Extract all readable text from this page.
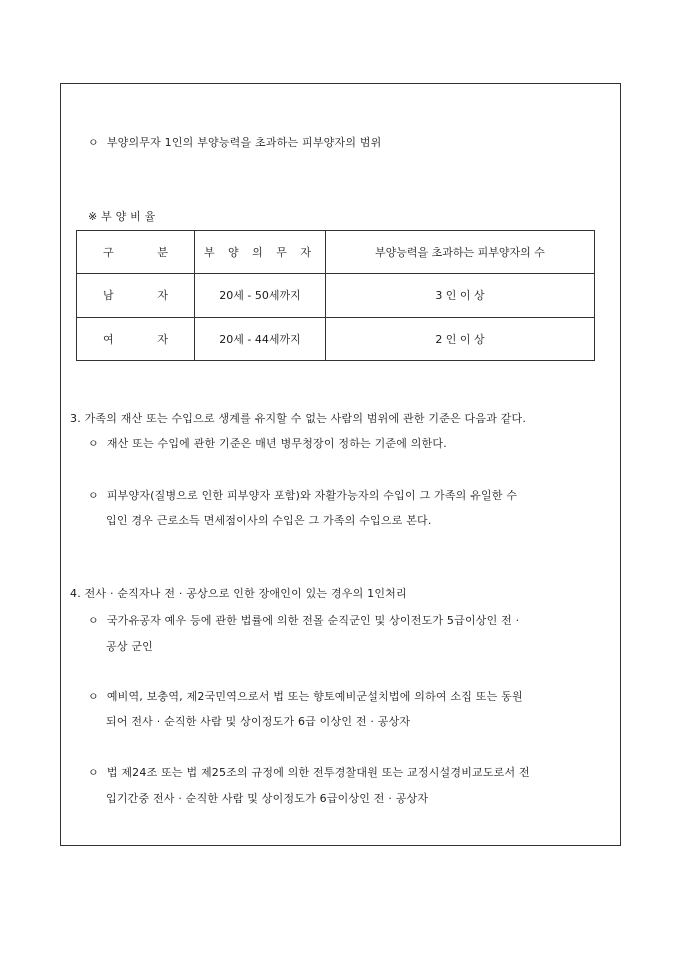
ㅇ 부양의무자 1인의 부양능력을 초과하는 피부양자의 범위
※ 부 양 비 율
구 분	부 양 의 무 자	부양능력을 초과하는 피부양자의 수

남 자	20세 - 50세까지	3 인 이 상

여 자	20세 - 44세까지	2 인 이 상
3. 가족의 재산 또는 수입으로 생계를 유지할 수 없는 사람의 범위에 관한 기준은 다음과 같다.
ㅇ 재산 또는 수입에 관한 기준은 매년 병무청장이 정하는 기준에 의한다.
ㅇ 피부양자(질병으로 인한 피부양자 포함)와 자활가능자의 수입이 그 가족의 유일한 수
입인 경우 근로소득 면세점이사의 수입은 그 가족의 수입으로 본다.
4. 전사 · 순직자나 전 · 공상으로 인한 장애인이 있는 경우의 1인처리
ㅇ 국가유공자 예우 등에 관한 법률에 의한 전몰 순직군인 및 상이전도가 5급이상인 전 ·
공상 군인
ㅇ 예비역, 보충역, 제2국민역으로서 법 또는 향토예비군설치법에 의하여 소집 또는 동원
되어 전사 · 순직한 사람 및 상이정도가 6급 이상인 전 · 공상자
ㅇ 법 제24조 또는 법 제25조의 규정에 의한 전투경찰대원 또는 교정시설경비교도로서 전
입기간중 전사 · 순직한 사람 및 상이정도가 6급이상인 전 · 공상자
